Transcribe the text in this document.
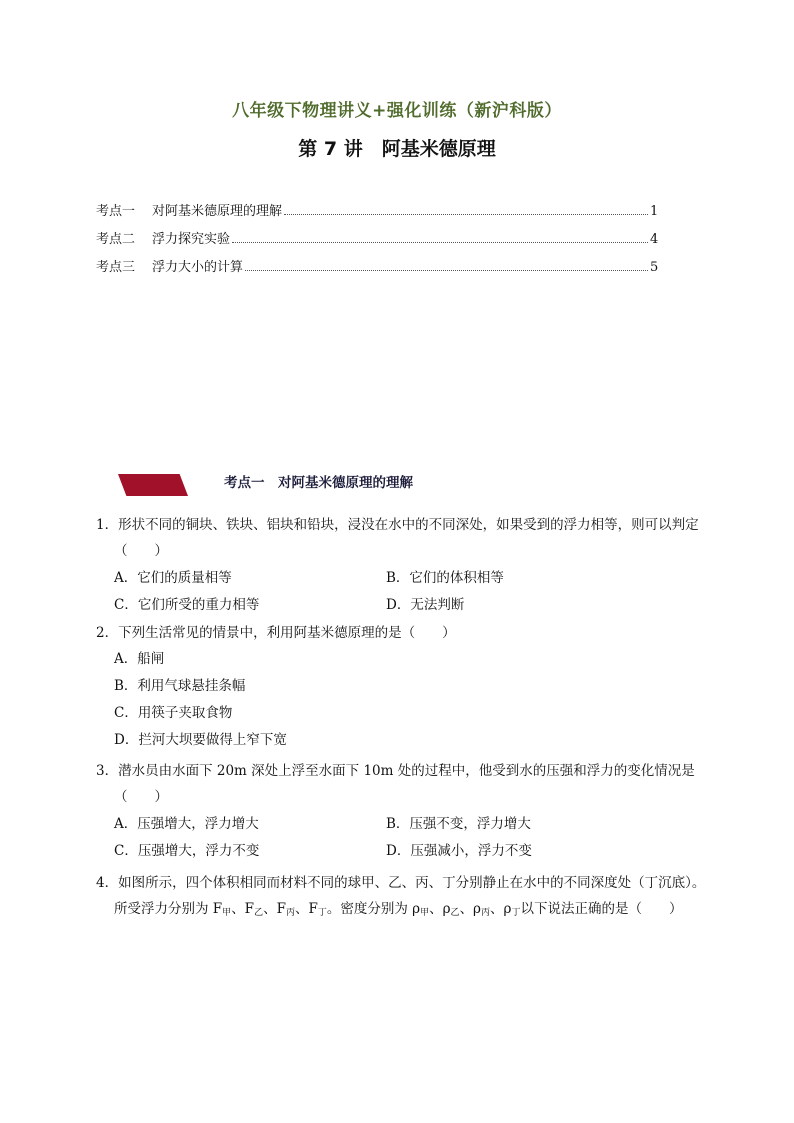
八年级下物理讲义+强化训练（新沪科版）
第 7 讲　阿基米德原理
考点一	对阿基米德原理的理解	1
考点二	浮力探究实验	4
考点三	浮力大小的计算	5
考点一　对阿基米德原理的理解

1．形状不同的铜块、铁块、铝块和铅块，浸没在水中的不同深处，如果受到的浮力相等，则可以判定（　　）

A．它们的质量相等	B．它们的体积相等
C．它们所受的重力相等	D．无法判断

2．下列生活常见的情景中，利用阿基米德原理的是（　　）

A．船闸
B．利用气球悬挂条幅
C．用筷子夹取食物
D．拦河大坝要做得上窄下宽

3．潜水员由水面下 20m 深处上浮至水面下 10m 处的过程中，他受到水的压强和浮力的变化情况是（　　）

A．压强增大，浮力增大	B．压强不变，浮力增大
C．压强增大，浮力不变	D．压强减小，浮力不变

4．如图所示，四个体积相同而材料不同的球甲、乙、丙、丁分别静止在水中的不同深度处（丁沉底）。所受浮力分别为 $F_甲$、$F_乙$、$F_丙$、$F_丁$。密度分别为 $\rho_甲$、$\rho_乙$、$\rho_丙$、$\rho_丁$以下说法正确的是（　　）
